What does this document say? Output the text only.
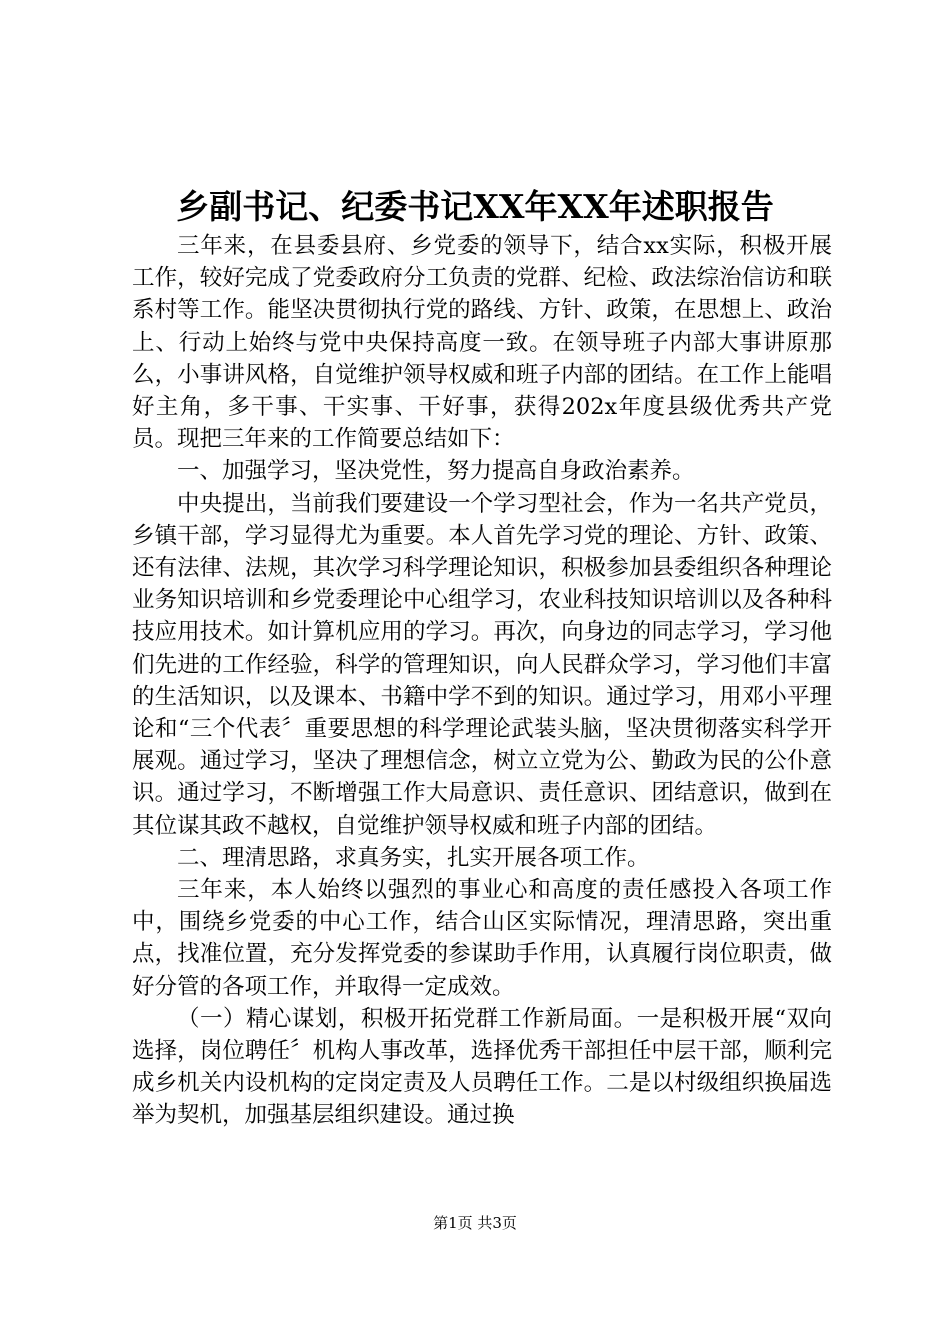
乡副书记、纪委书记XX年XX年述职报告

三年来，在县委县府、乡党委的领导下，结合xx实际，积极开展工作，较好完成了党委政府分工负责的党群、纪检、政法综治信访和联系村等工作。能坚决贯彻执行党的路线、方针、政策，在思想上、政治上、行动上始终与党中央保持高度一致。在领导班子内部大事讲原那么，小事讲风格，自觉维护领导权威和班子内部的团结。在工作上能唱好主角，多干事、干实事、干好事，获得202x年度县级优秀共产党员。现把三年来的工作简要总结如下：

一、加强学习，坚决党性，努力提高自身政治素养。

中央提出，当前我们要建设一个学习型社会，作为一名共产党员，乡镇干部，学习显得尤为重要。本人首先学习党的理论、方针、政策、还有法律、法规，其次学习科学理论知识，积极参加县委组织各种理论业务知识培训和乡党委理论中心组学习，农业科技知识培训以及各种科技应用技术。如计算机应用的学习。再次，向身边的同志学习，学习他们先进的工作经验，科学的管理知识，向人民群众学习，学习他们丰富的生活知识，以及课本、书籍中学不到的知识。通过学习，用邓小平理论和“三个代表〞重要思想的科学理论武装头脑，坚决贯彻落实科学开展观。通过学习，坚决了理想信念，树立立党为公、勤政为民的公仆意识。通过学习，不断增强工作大局意识、责任意识、团结意识，做到在其位谋其政不越权，自觉维护领导权威和班子内部的团结。

二、理清思路，求真务实，扎实开展各项工作。

三年来，本人始终以强烈的事业心和高度的责任感投入各项工作中，围绕乡党委的中心工作，结合山区实际情况，理清思路，突出重点，找准位置，充分发挥党委的参谋助手作用，认真履行岗位职责，做好分管的各项工作，并取得一定成效。

（一）精心谋划，积极开拓党群工作新局面。一是积极开展“双向选择，岗位聘任〞机构人事改革，选择优秀干部担任中层干部，顺利完成乡机关内设机构的定岗定责及人员聘任工作。二是以村级组织换届选举为契机，加强基层组织建设。通过换

第1页 共3页
